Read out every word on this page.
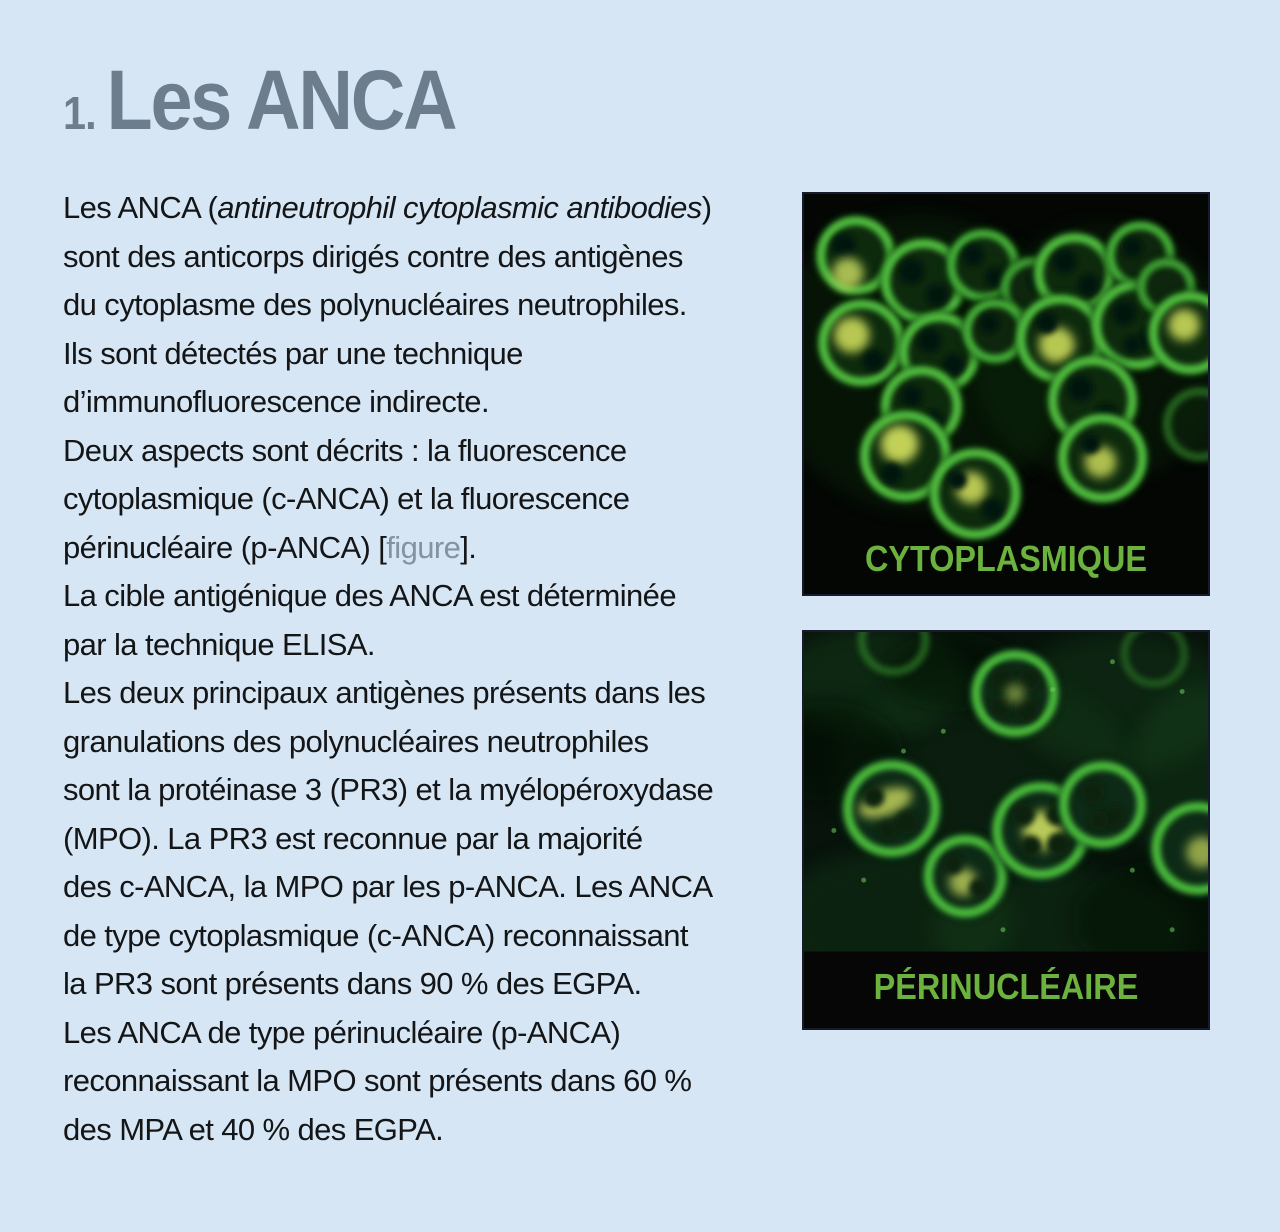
1. Les ANCA
Les ANCA (antineutrophil cytoplasmic antibodies)
sont des anticorps dirigés contre des antigènes
du cytoplasme des polynucléaires neutrophiles.
Ils sont détectés par une technique
d’immunofluorescence indirecte.
Deux aspects sont décrits : la fluorescence
cytoplasmique (c-ANCA) et la fluorescence
périnucléaire (p-ANCA) [figure].
La cible antigénique des ANCA est déterminée
par la technique ELISA.
Les deux principaux antigènes présents dans les
granulations des polynucléaires neutrophiles
sont la protéinase 3 (PR3) et la myélopéroxydase
(MPO). La PR3 est reconnue par la majorité
des c-ANCA, la MPO par les p-ANCA. Les ANCA
de type cytoplasmique (c-ANCA) reconnaissant
la PR3 sont présents dans 90 % des EGPA.
Les ANCA de type périnucléaire (p-ANCA)
reconnaissant la MPO sont présents dans 60 %
des MPA et 40 % des EGPA.
CYTOPLASMIQUE
PÉRINUCLÉAIRE
